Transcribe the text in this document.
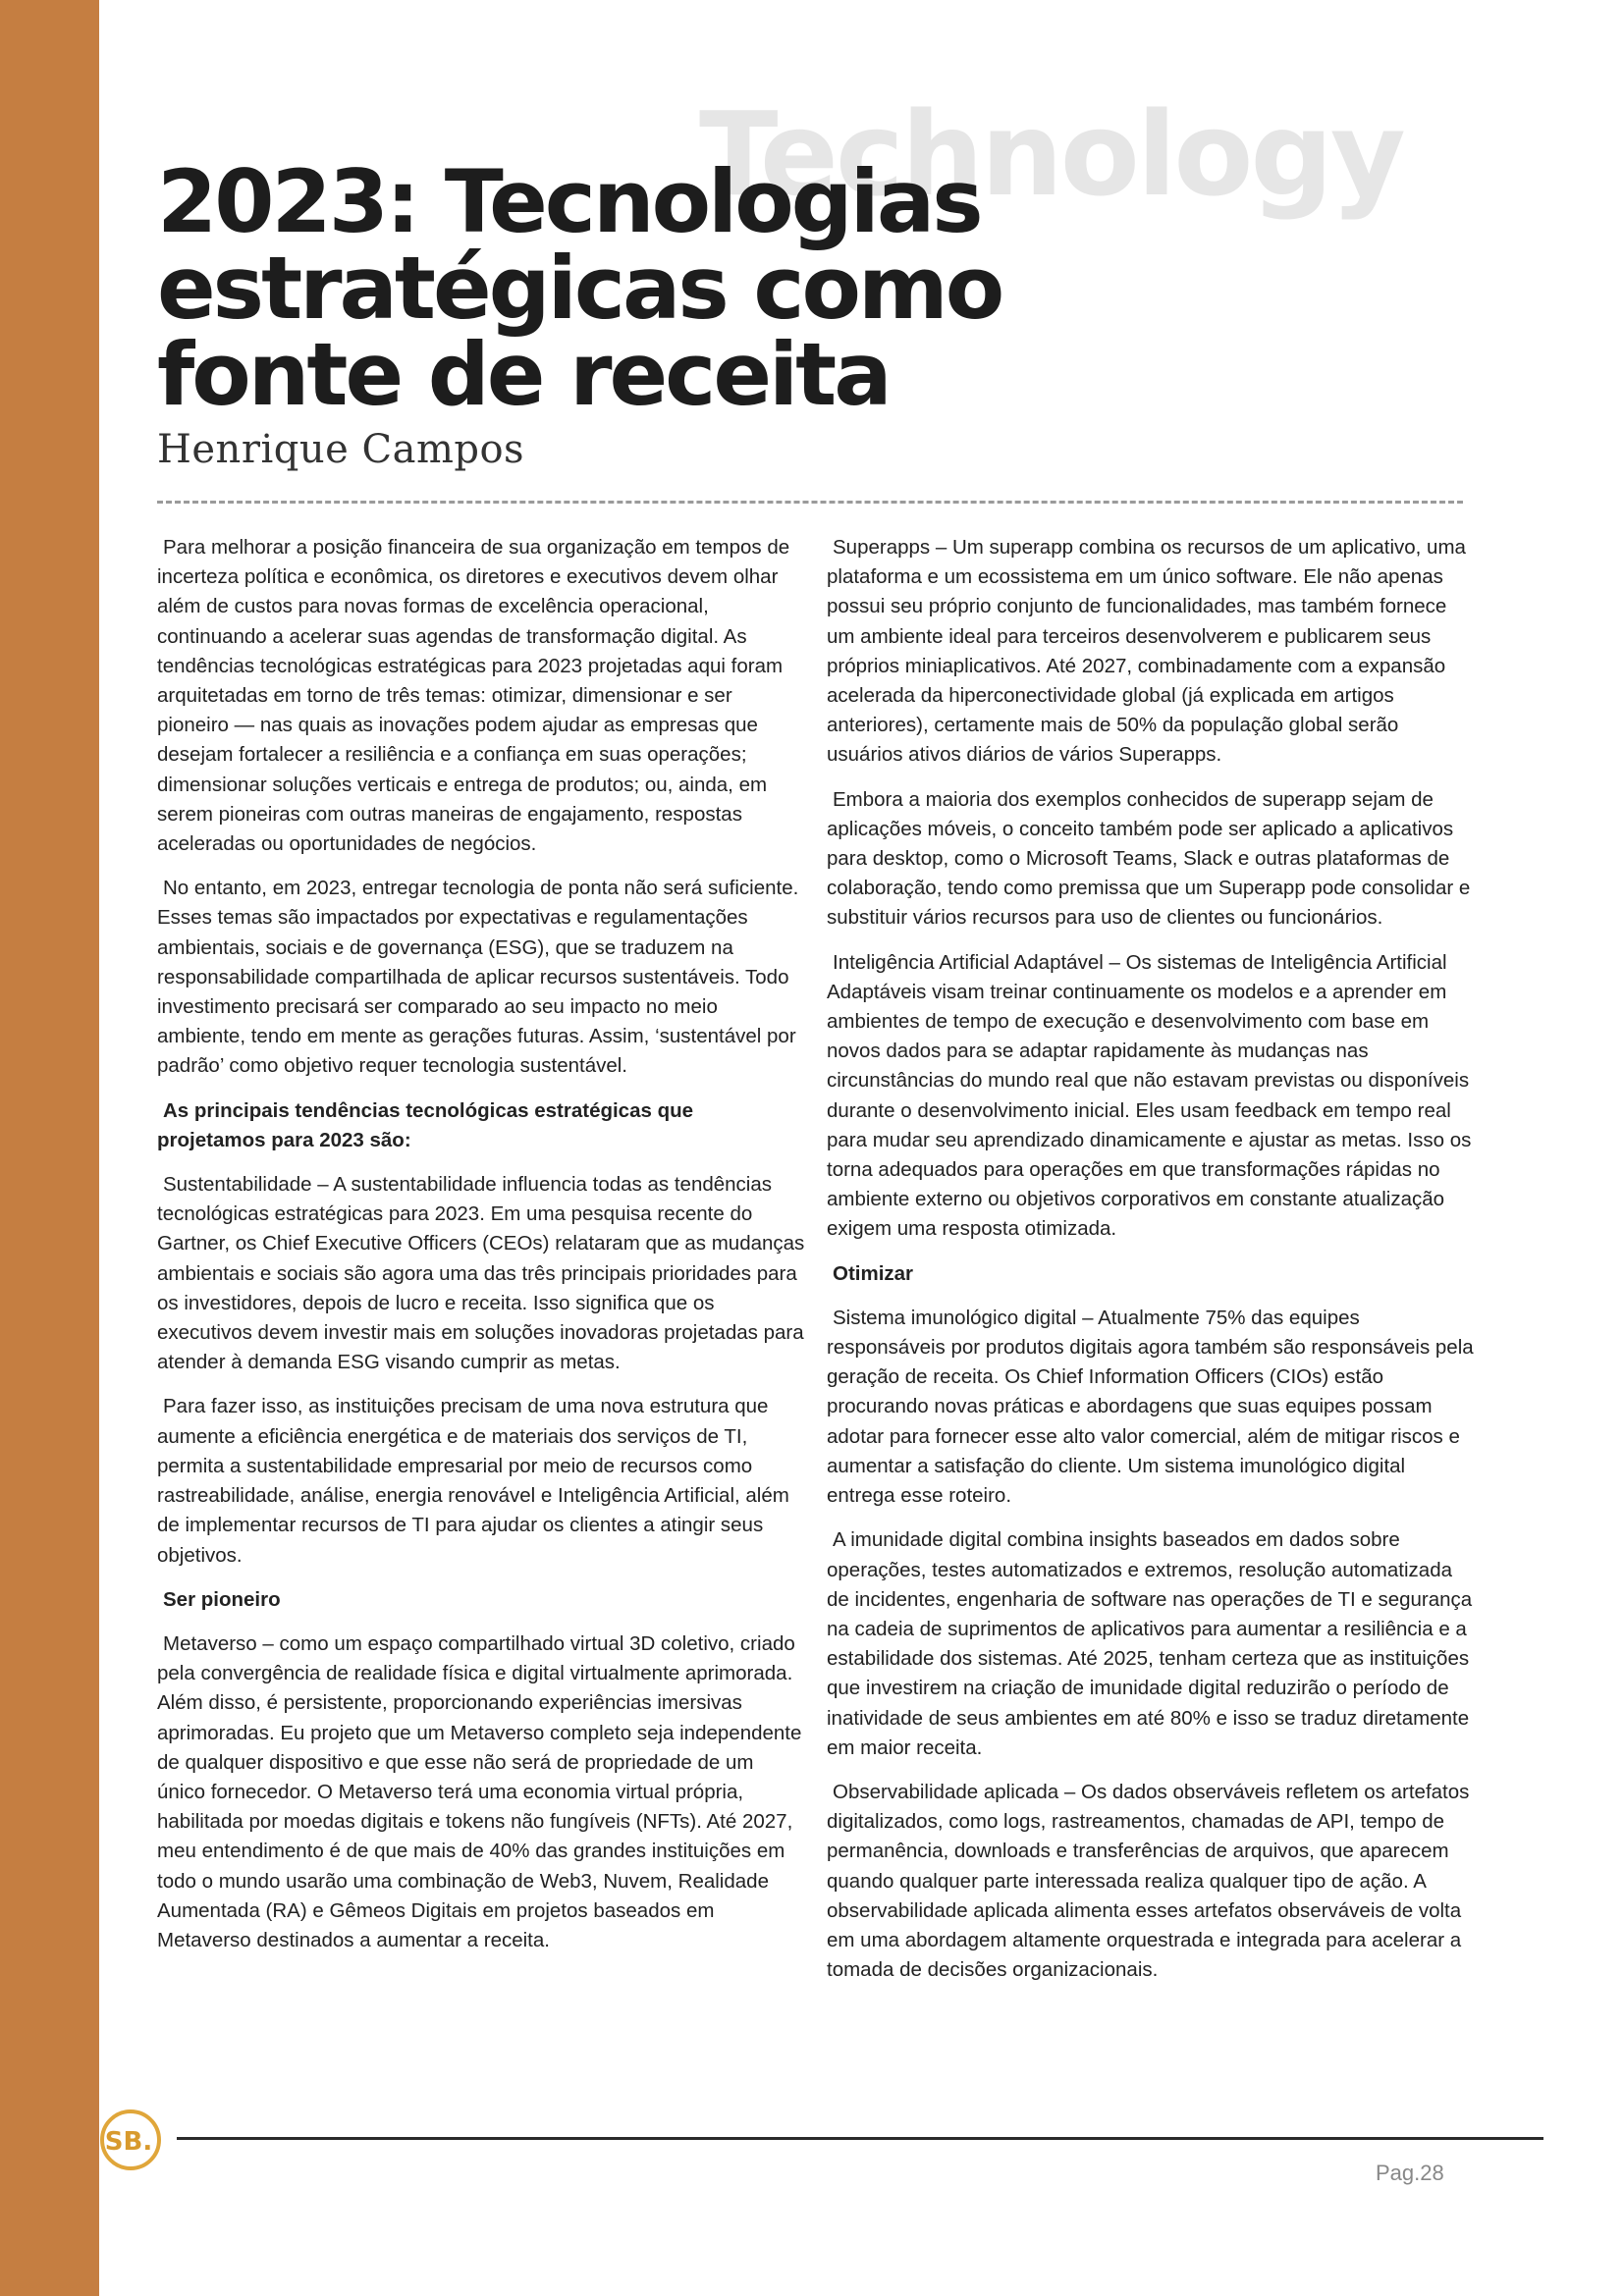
Technology
2023: Tecnologias estratégicas como fonte de receita
Henrique Campos

Para melhorar a posição financeira de sua organização em tempos de incerteza política e econômica, os diretores e executivos devem olhar além de custos para novas formas de excelência operacional, continuando a acelerar suas agendas de transformação digital. As tendências tecnológicas estratégicas para 2023 projetadas aqui foram arquitetadas em torno de três temas: otimizar, dimensionar e ser pioneiro — nas quais as inovações podem ajudar as empresas que desejam fortalecer a resiliência e a confiança em suas operações; dimensionar soluções verticais e entrega de produtos; ou, ainda, em serem pioneiras com outras maneiras de engajamento, respostas aceleradas ou oportunidades de negócios.

No entanto, em 2023, entregar tecnologia de ponta não será suficiente. Esses temas são impactados por expectativas e regulamentações ambientais, sociais e de governança (ESG), que se traduzem na responsabilidade compartilhada de aplicar recursos sustentáveis. Todo investimento precisará ser comparado ao seu impacto no meio ambiente, tendo em mente as gerações futuras. Assim, ‘sustentável por padrão’ como objetivo requer tecnologia sustentável.

As principais tendências tecnológicas estratégicas que projetamos para 2023 são:

Sustentabilidade – A sustentabilidade influencia todas as tendências tecnológicas estratégicas para 2023. Em uma pesquisa recente do Gartner, os Chief Executive Officers (CEOs) relataram que as mudanças ambientais e sociais são agora uma das três principais prioridades para os investidores, depois de lucro e receita. Isso significa que os executivos devem investir mais em soluções inovadoras projetadas para atender à demanda ESG visando cumprir as metas.

Para fazer isso, as instituições precisam de uma nova estrutura que aumente a eficiência energética e de materiais dos serviços de TI, permita a sustentabilidade empresarial por meio de recursos como rastreabilidade, análise, energia renovável e Inteligência Artificial, além de implementar recursos de TI para ajudar os clientes a atingir seus objetivos.

Ser pioneiro

Metaverso – como um espaço compartilhado virtual 3D coletivo, criado pela convergência de realidade física e digital virtualmente aprimorada. Além disso, é persistente, proporcionando experiências imersivas aprimoradas. Eu projeto que um Metaverso completo seja independente de qualquer dispositivo e que esse não será de propriedade de um único fornecedor. O Metaverso terá uma economia virtual própria, habilitada por moedas digitais e tokens não fungíveis (NFTs). Até 2027, meu entendimento é de que mais de 40% das grandes instituições em todo o mundo usarão uma combinação de Web3, Nuvem, Realidade Aumentada (RA) e Gêmeos Digitais em projetos baseados em Metaverso destinados a aumentar a receita.

Superapps – Um superapp combina os recursos de um aplicativo, uma plataforma e um ecossistema em um único software. Ele não apenas possui seu próprio conjunto de funcionalidades, mas também fornece um ambiente ideal para terceiros desenvolverem e publicarem seus próprios miniaplicativos. Até 2027, combinadamente com a expansão acelerada da hiperconectividade global (já explicada em artigos anteriores), certamente mais de 50% da população global serão usuários ativos diários de vários Superapps.

Embora a maioria dos exemplos conhecidos de superapp sejam de aplicações móveis, o conceito também pode ser aplicado a aplicativos para desktop, como o Microsoft Teams, Slack e outras plataformas de colaboração, tendo como premissa que um Superapp pode consolidar e substituir vários recursos para uso de clientes ou funcionários.

Inteligência Artificial Adaptável – Os sistemas de Inteligência Artificial Adaptáveis visam treinar continuamente os modelos e a aprender em ambientes de tempo de execução e desenvolvimento com base em novos dados para se adaptar rapidamente às mudanças nas circunstâncias do mundo real que não estavam previstas ou disponíveis durante o desenvolvimento inicial. Eles usam feedback em tempo real para mudar seu aprendizado dinamicamente e ajustar as metas. Isso os torna adequados para operações em que transformações rápidas no ambiente externo ou objetivos corporativos em constante atualização exigem uma resposta otimizada.

Otimizar

Sistema imunológico digital – Atualmente 75% das equipes responsáveis por produtos digitais agora também são responsáveis pela geração de receita. Os Chief Information Officers (CIOs) estão procurando novas práticas e abordagens que suas equipes possam adotar para fornecer esse alto valor comercial, além de mitigar riscos e aumentar a satisfação do cliente. Um sistema imunológico digital entrega esse roteiro.

A imunidade digital combina insights baseados em dados sobre operações, testes automatizados e extremos, resolução automatizada de incidentes, engenharia de software nas operações de TI e segurança na cadeia de suprimentos de aplicativos para aumentar a resiliência e a estabilidade dos sistemas. Até 2025, tenham certeza que as instituições que investirem na criação de imunidade digital reduzirão o período de inatividade de seus ambientes em até 80% e isso se traduz diretamente em maior receita.

Observabilidade aplicada – Os dados observáveis refletem os artefatos digitalizados, como logs, rastreamentos, chamadas de API, tempo de permanência, downloads e transferências de arquivos, que aparecem quando qualquer parte interessada realiza qualquer tipo de ação. A observabilidade aplicada alimenta esses artefatos observáveis de volta em uma abordagem altamente orquestrada e integrada para acelerar a tomada de decisões organizacionais.

SB.
Pag.28
